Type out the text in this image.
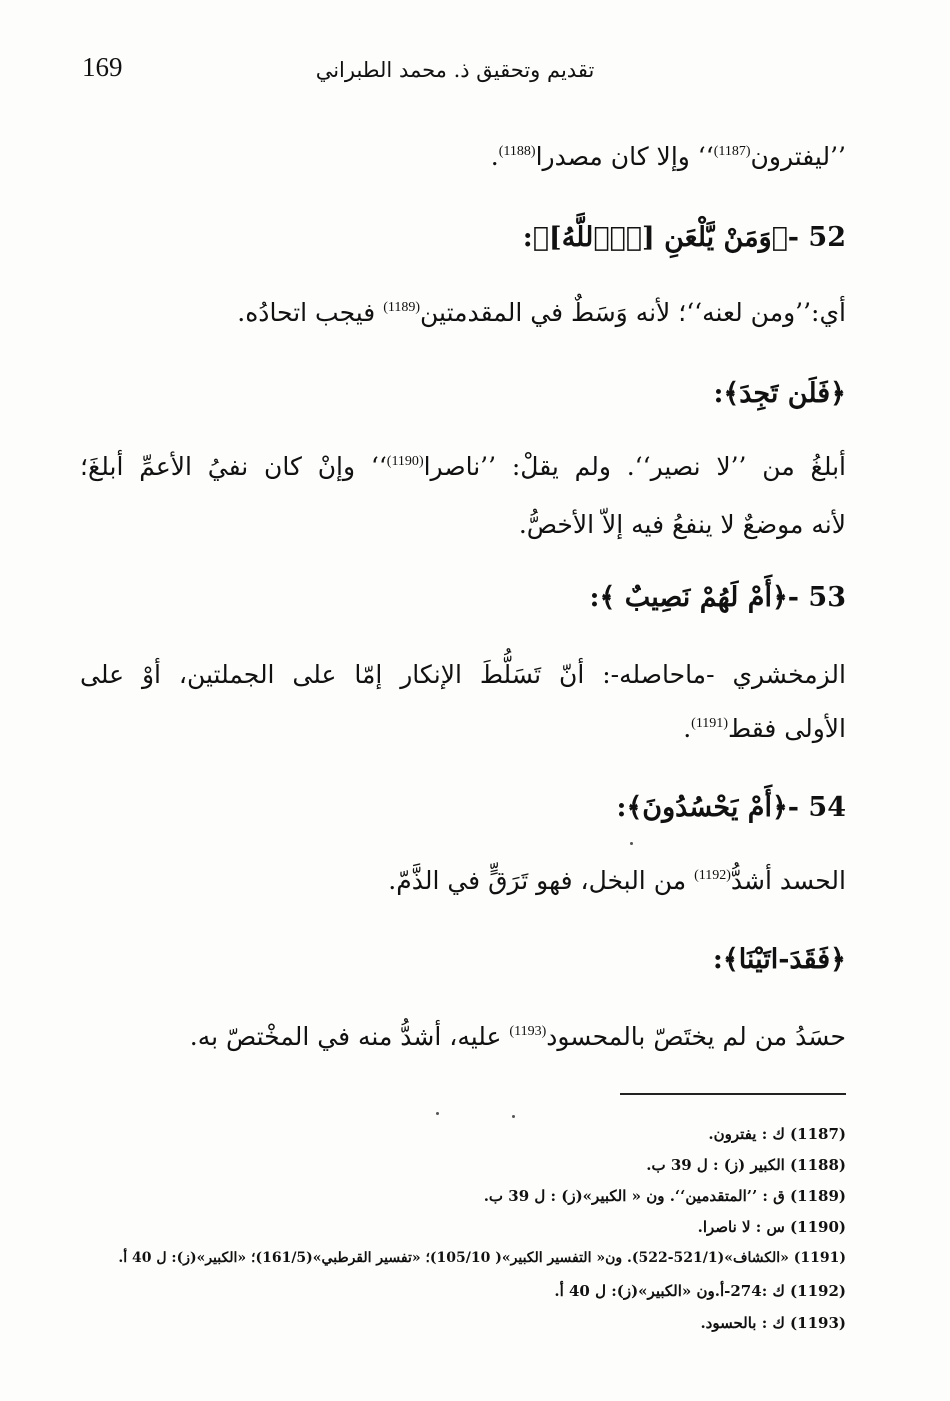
169	تقديم وتحقيق ذ. محمد الطبراني
’’ليفترون$^{(1187)}$‘‘ وإلا كان مصدرا$^{(1188)}$.
52 -﴿وَمَنْ يَّلْعَنِ [اِ۬للَّهُ]﴾:
أي:’’ومن لعنه‘‘؛ لأنه وَسَطٌ في المقدمتين$^{(1189)}$ فيجب اتحادُه.
﴿فَلَن تَجِدَ﴾:
أبلغُ من ’’لا نصير‘‘. ولم يقلْ: ’’ناصرا$^{(1190)}$‘‘ وإنْ كان نفيُ الأعمِّ أبلغَ؛
لأنه موضعٌ لا ينفعُ فيه إلاّ الأخصُّ.
53 -﴿أَمْ لَهُمْ نَصِيبٌ ﴾:
الزمخشري -ماحاصله-: أنّ تَسَلُّطَ الإنكار إمّا على الجملتين، أوْ على
الأولى فقط$^{(1191)}$.
54 -﴿أَمْ يَحْسُدُونَ﴾:
الحسد أشدُّ$^{(1192)}$ من البخل، فهو تَرَقٍّ في الذَّمّ.
﴿فَقَدَ-اتَيْنَا﴾:
حسَدُ من لم يختَصّ بالمحسود$^{(1193)}$ عليه، أشدُّ منه في المخْتصّ به.
(1187) ك : يفترون.
(1188) الكبير (ز) : ل 39 ب.
(1189) ق : ’’المتقدمين‘‘. ون « الكبير»(ز) : ل 39 ب.
(1190) س : لا ناصرا.
(1191) «الكشاف»(521/1-522). ون« التفسير الكبير»( 105/10)؛ «تفسير القرطبي»(161/5)؛ «الكبير»(ز): ل 40 أ.
(1192) ك :274-أ.ون «الكبير»(ز): ل 40 أ.
(1193) ك : بالحسود.
